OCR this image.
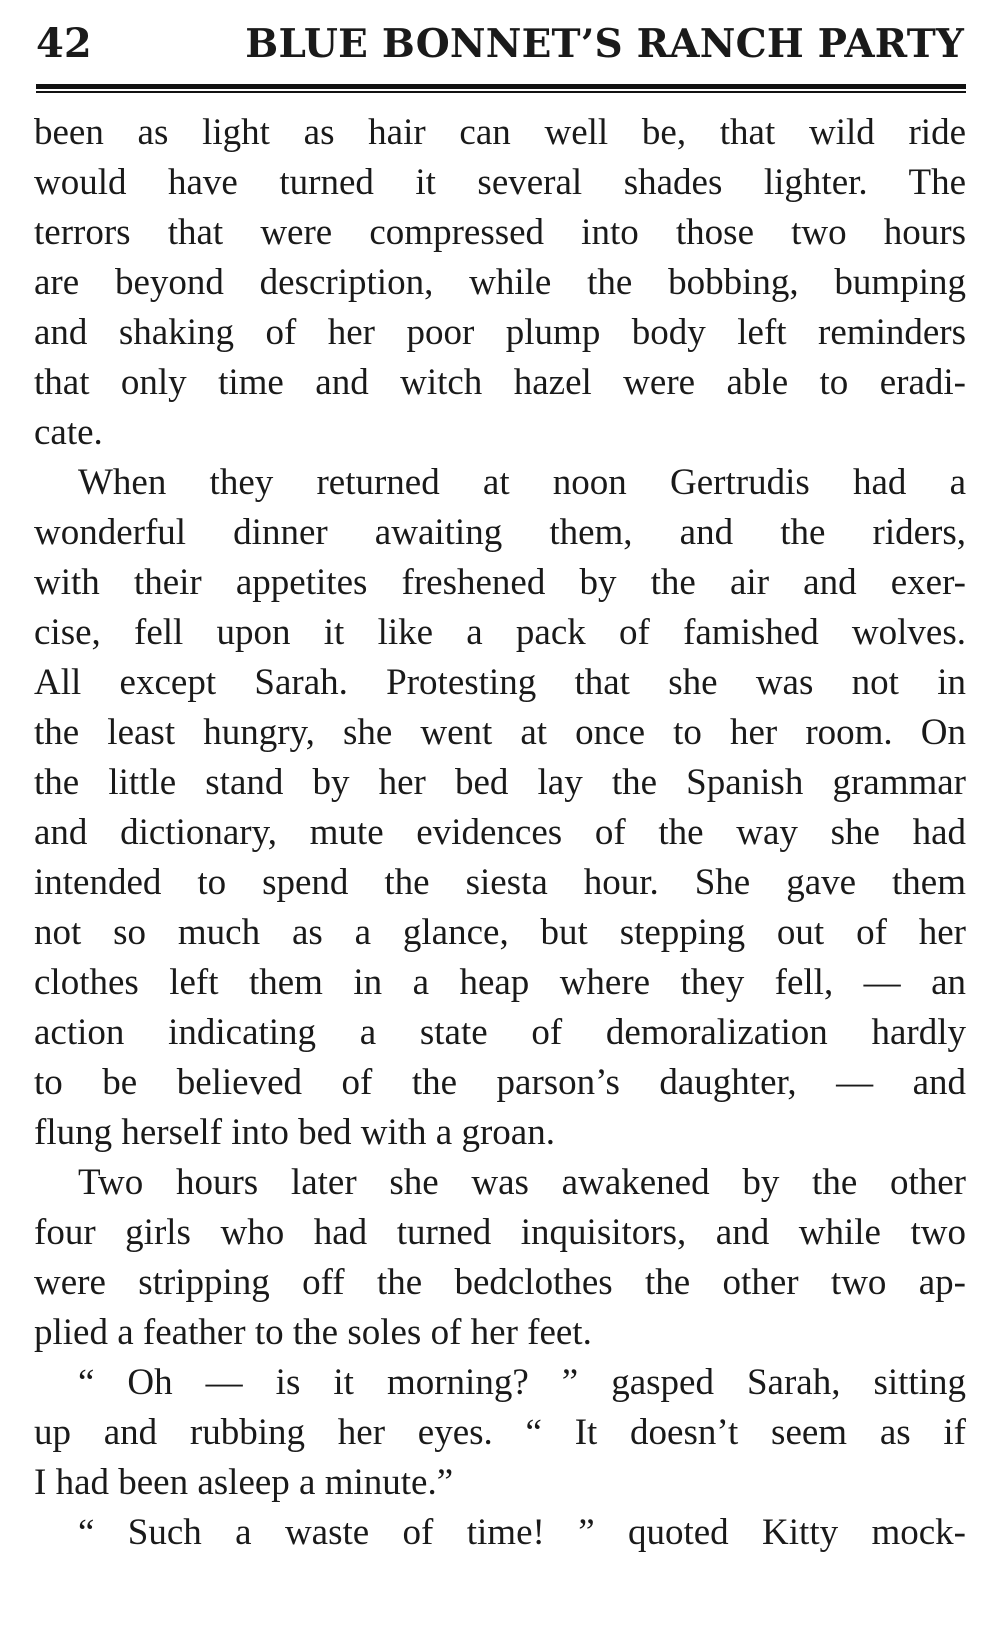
42	BLUE BONNET’S RANCH PARTY
been as light as hair can well be, that wild ride
would have turned it several shades lighter. The
terrors that were compressed into those two hours
are beyond description, while the bobbing, bumping
and shaking of her poor plump body left reminders
that only time and witch hazel were able to eradi-
cate.
When they returned at noon Gertrudis had a
wonderful dinner awaiting them, and the riders,
with their appetites freshened by the air and exer-
cise, fell upon it like a pack of famished wolves.
All except Sarah. Protesting that she was not in
the least hungry, she went at once to her room. On
the little stand by her bed lay the Spanish grammar
and dictionary, mute evidences of the way she had
intended to spend the siesta hour. She gave them
not so much as a glance, but stepping out of her
clothes left them in a heap where they fell, — an
action indicating a state of demoralization hardly
to be believed of the parson’s daughter, — and
flung herself into bed with a groan.
Two hours later she was awakened by the other
four girls who had turned inquisitors, and while two
were stripping off the bedclothes the other two ap-
plied a feather to the soles of her feet.
“ Oh — is it morning? ” gasped Sarah, sitting
up and rubbing her eyes. “ It doesn’t seem as if
I had been asleep a minute.”
“ Such a waste of time! ” quoted Kitty mock-
